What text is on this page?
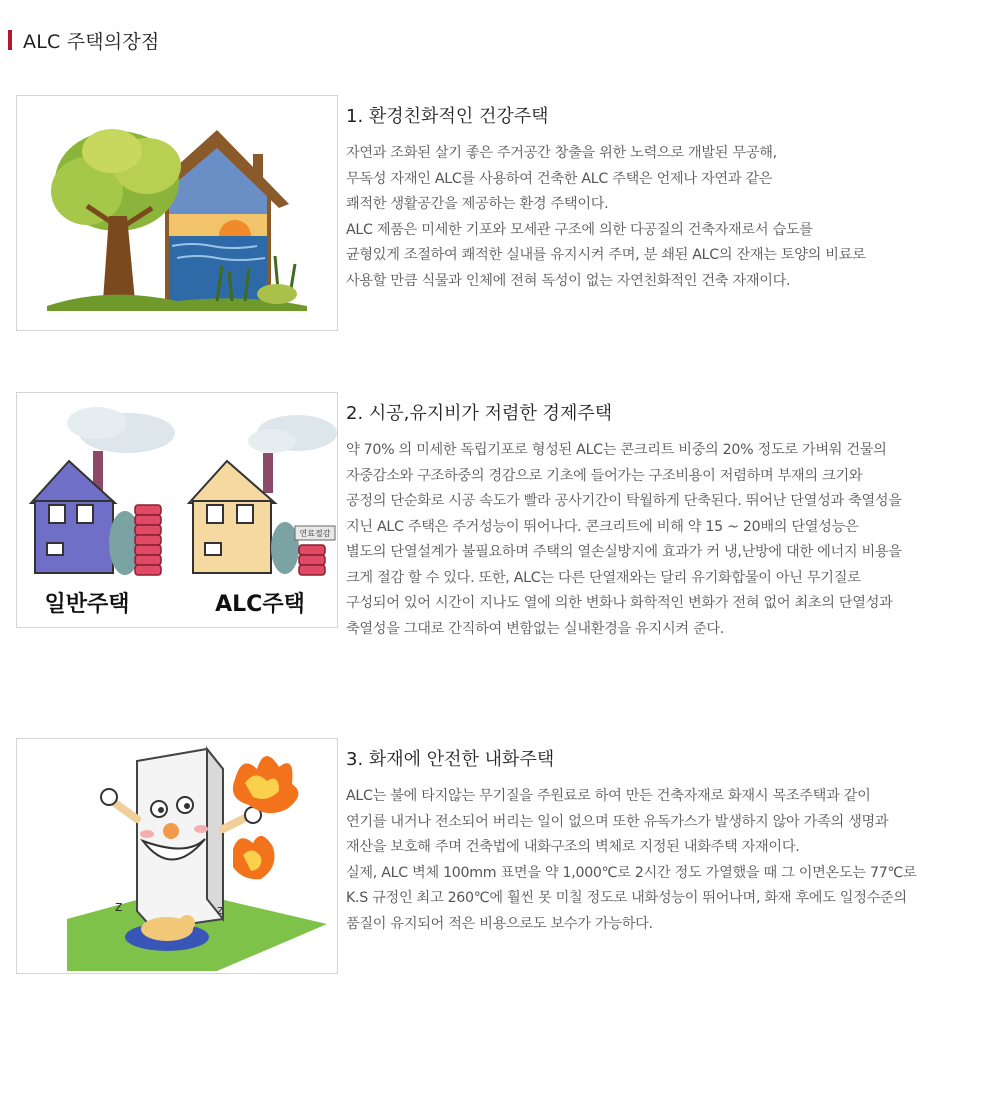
ALC 주택의장점
1. 환경친화적인 건강주택
자연과 조화된 살기 좋은 주거공간 창출을 위한 노력으로 개발된 무공해,
무독성 자재인 ALC를 사용하여 건축한 ALC 주택은 언제나 자연과 같은
쾌적한 생활공간을 제공하는 환경 주택이다.
ALC 제품은 미세한 기포와 모세관 구조에 의한 다공질의 건축자재로서 습도를
균형있게 조절하여 쾌적한 실내를 유지시켜 주며, 분 쇄된 ALC의 잔재는 토양의 비료로
사용할 만큼 식물과 인체에 전혀 독성이 없는 자연친화적인 건축 자재이다.
연료절감
일반주택	ALC주택
2. 시공,유지비가 저렴한 경제주택
약 70% 의 미세한 독립기포로 형성된 ALC는 콘크리트 비중의 20% 정도로 가벼워 건물의
자중감소와 구조하중의 경감으로 기초에 들어가는 구조비용이 저렴하며 부재의 크기와
공정의 단순화로 시공 속도가 빨라 공사기간이 탁월하게 단축된다. 뛰어난 단열성과 축열성을
지닌 ALC 주택은 주거성능이 뛰어나다. 콘크리트에 비해 약 15 ~ 20배의 단열성능은
별도의 단열설계가 불필요하며 주택의 열손실방지에 효과가 커 냉,난방에 대한 에너지 비용을
크게 절감 할 수 있다. 또한, ALC는 다른 단열재와는 달리 유기화합물이 아닌 무기질로
구성되어 있어 시간이 지나도 열에 의한 변화나 화학적인 변화가 전혀 없어 최초의 단열성과
축열성을 그대로 간직하여 변함없는 실내환경을 유지시켜 준다.
z	z
3. 화재에 안전한 내화주택
ALC는 불에 타지않는 무기질을 주원료로 하여 만든 건축자재로 화재시 목조주택과 같이
연기를 내거나 전소되어 버리는 일이 없으며 또한 유독가스가 발생하지 않아 가족의 생명과
재산을 보호해 주며 건축법에 내화구조의 벽체로 지정된 내화주택 자재이다.
실제, ALC 벽체 100mm 표면을 약 1,000℃로 2시간 정도 가열했을 때 그 이면온도는 77℃로
K.S 규정인 최고 260℃에 훨씬 못 미칠 정도로 내화성능이 뛰어나며, 화재 후에도 일정수준의
품질이 유지되어 적은 비용으로도 보수가 가능하다.
